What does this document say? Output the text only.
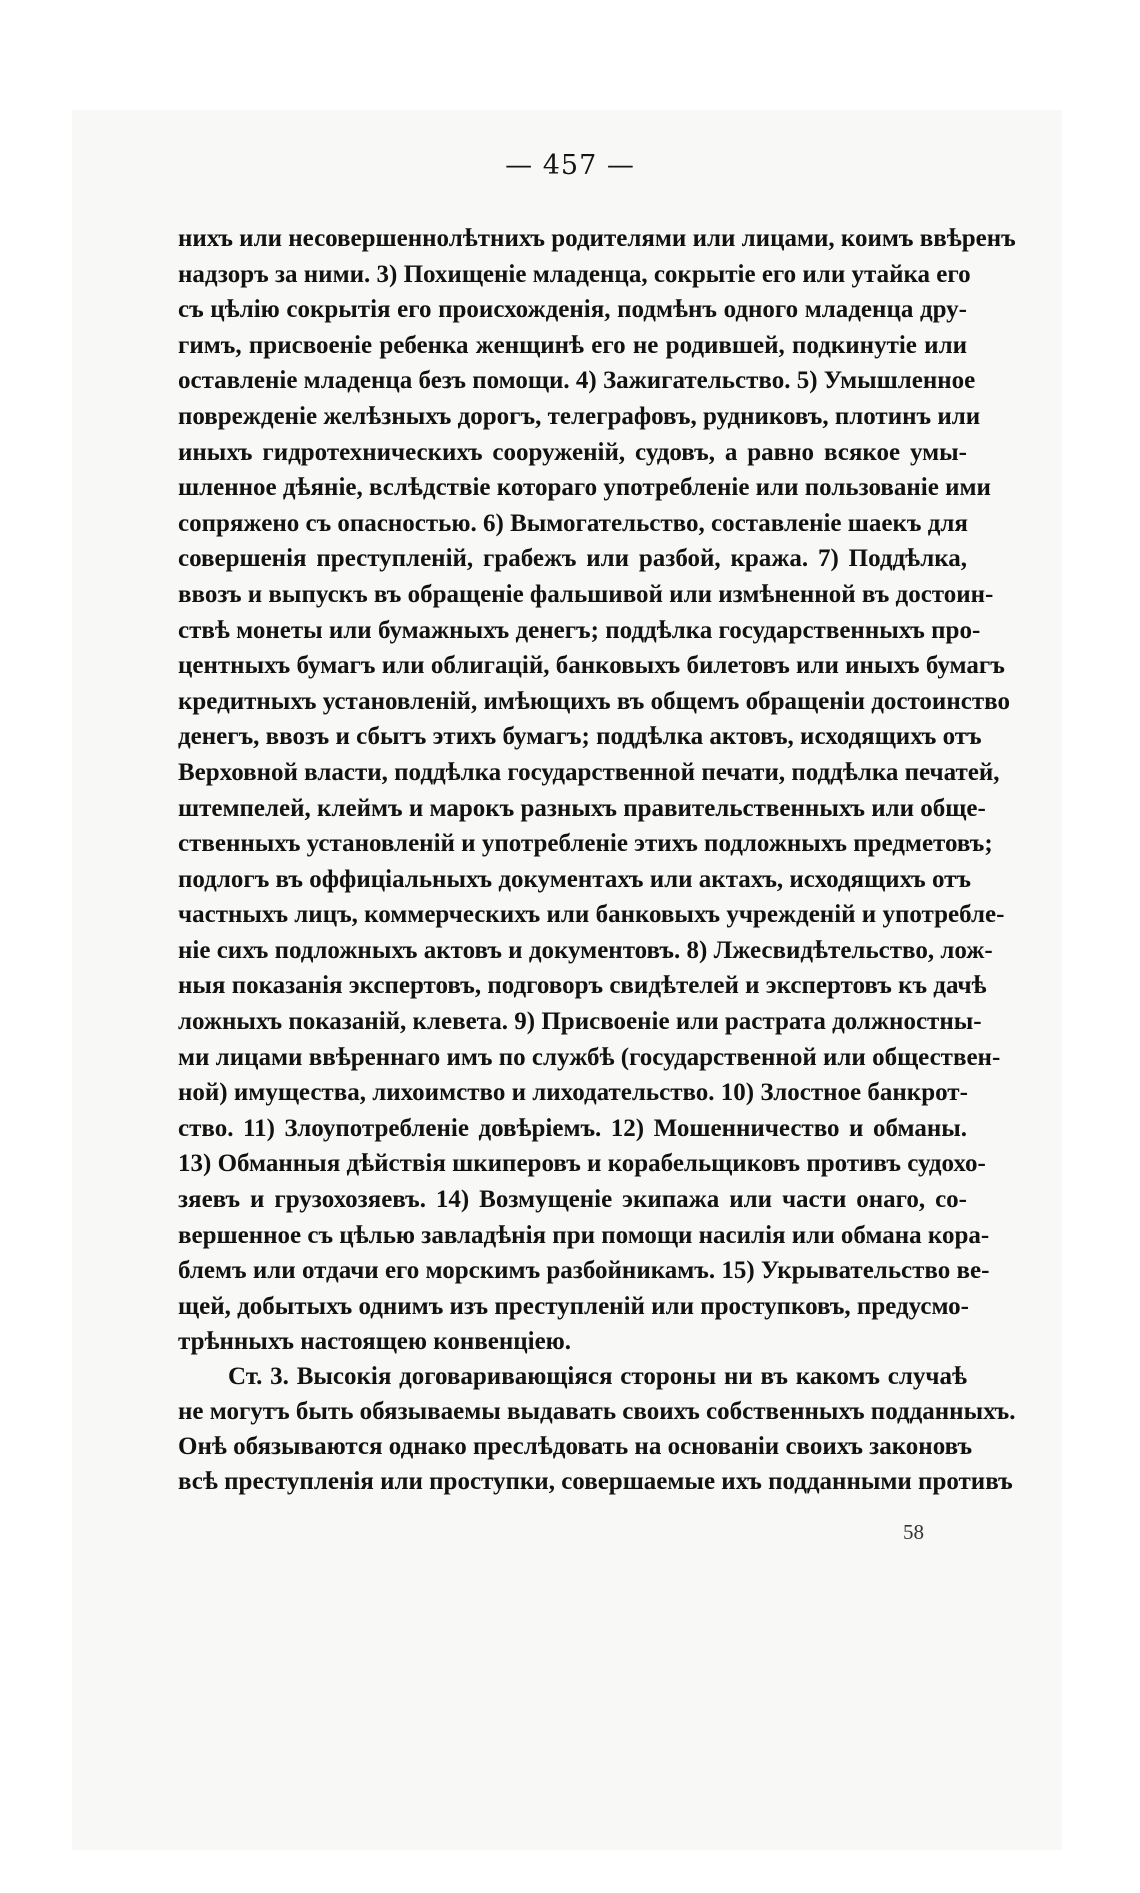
— 457 —
нихъ или несовершеннолѣтнихъ родителями или лицами, коимъ ввѣренъ
надзоръ за ними. 3) Похищеніе младенца, сокрытіе его или утайка его
съ цѣлію сокрытія его происхожденія, подмѣнъ одного младенца дру-
гимъ, присвоеніе ребенка женщинѣ его не родившей, подкинутіе или
оставленіе младенца безъ помощи. 4) Зажигательство. 5) Умышленное
поврежденіе желѣзныхъ дорогъ, телеграфовъ, рудниковъ, плотинъ или
иныхъ гидротехническихъ сооруженій, судовъ, а равно всякое умы-
шленное дѣяніе, вслѣдствіе котораго употребленіе или пользованіе ими
сопряжено съ опасностью. 6) Вымогательство, составленіе шаекъ для
совершенія преступленій, грабежъ или разбой, кража. 7) Поддѣлка,
ввозъ и выпускъ въ обращеніе фальшивой или измѣненной въ достоин-
ствѣ монеты или бумажныхъ денегъ; поддѣлка государственныхъ про-
центныхъ бумагъ или облигацій, банковыхъ билетовъ или иныхъ бумагъ
кредитныхъ установленій, имѣющихъ въ общемъ обращеніи достоинство
денегъ, ввозъ и сбытъ этихъ бумагъ; поддѣлка актовъ, исходящихъ отъ
Верховной власти, поддѣлка государственной печати, поддѣлка печатей,
штемпелей, клеймъ и марокъ разныхъ правительственныхъ или обще-
ственныхъ установленій и употребленіе этихъ подложныхъ предметовъ;
подлогъ въ оффиціальныхъ документахъ или актахъ, исходящихъ отъ
частныхъ лицъ, коммерческихъ или банковыхъ учрежденій и употребле-
ніе сихъ подложныхъ актовъ и документовъ. 8) Лжесвидѣтельство, лож-
ныя показанія экспертовъ, подговоръ свидѣтелей и экспертовъ къ дачѣ
ложныхъ показаній, клевета. 9) Присвоеніе или растрата должностны-
ми лицами ввѣреннаго имъ по службѣ (государственной или обществен-
ной) имущества, лихоимство и лиходательство. 10) Злостное банкрот-
ство. 11) Злоупотребленіе довѣріемъ. 12) Мошенничество и обманы.
13) Обманныя дѣйствія шкиперовъ и корабельщиковъ противъ судохо-
зяевъ и грузохозяевъ. 14) Возмущеніе экипажа или части онаго, со-
вершенное съ цѣлью завладѣнія при помощи насилія или обмана кора-
блемъ или отдачи его морскимъ разбойникамъ. 15) Укрывательство ве-
щей, добытыхъ однимъ изъ преступленій или проступковъ, предусмо-
трѣнныхъ настоящею конвенціею.
Ст. 3. Высокія договаривающіяся стороны ни въ какомъ случаѣ
не могутъ быть обязываемы выдавать своихъ собственныхъ подданныхъ.
Онѣ обязываются однако преслѣдовать на основаніи своихъ законовъ
всѣ преступленія или проступки, совершаемые ихъ подданными противъ
58
